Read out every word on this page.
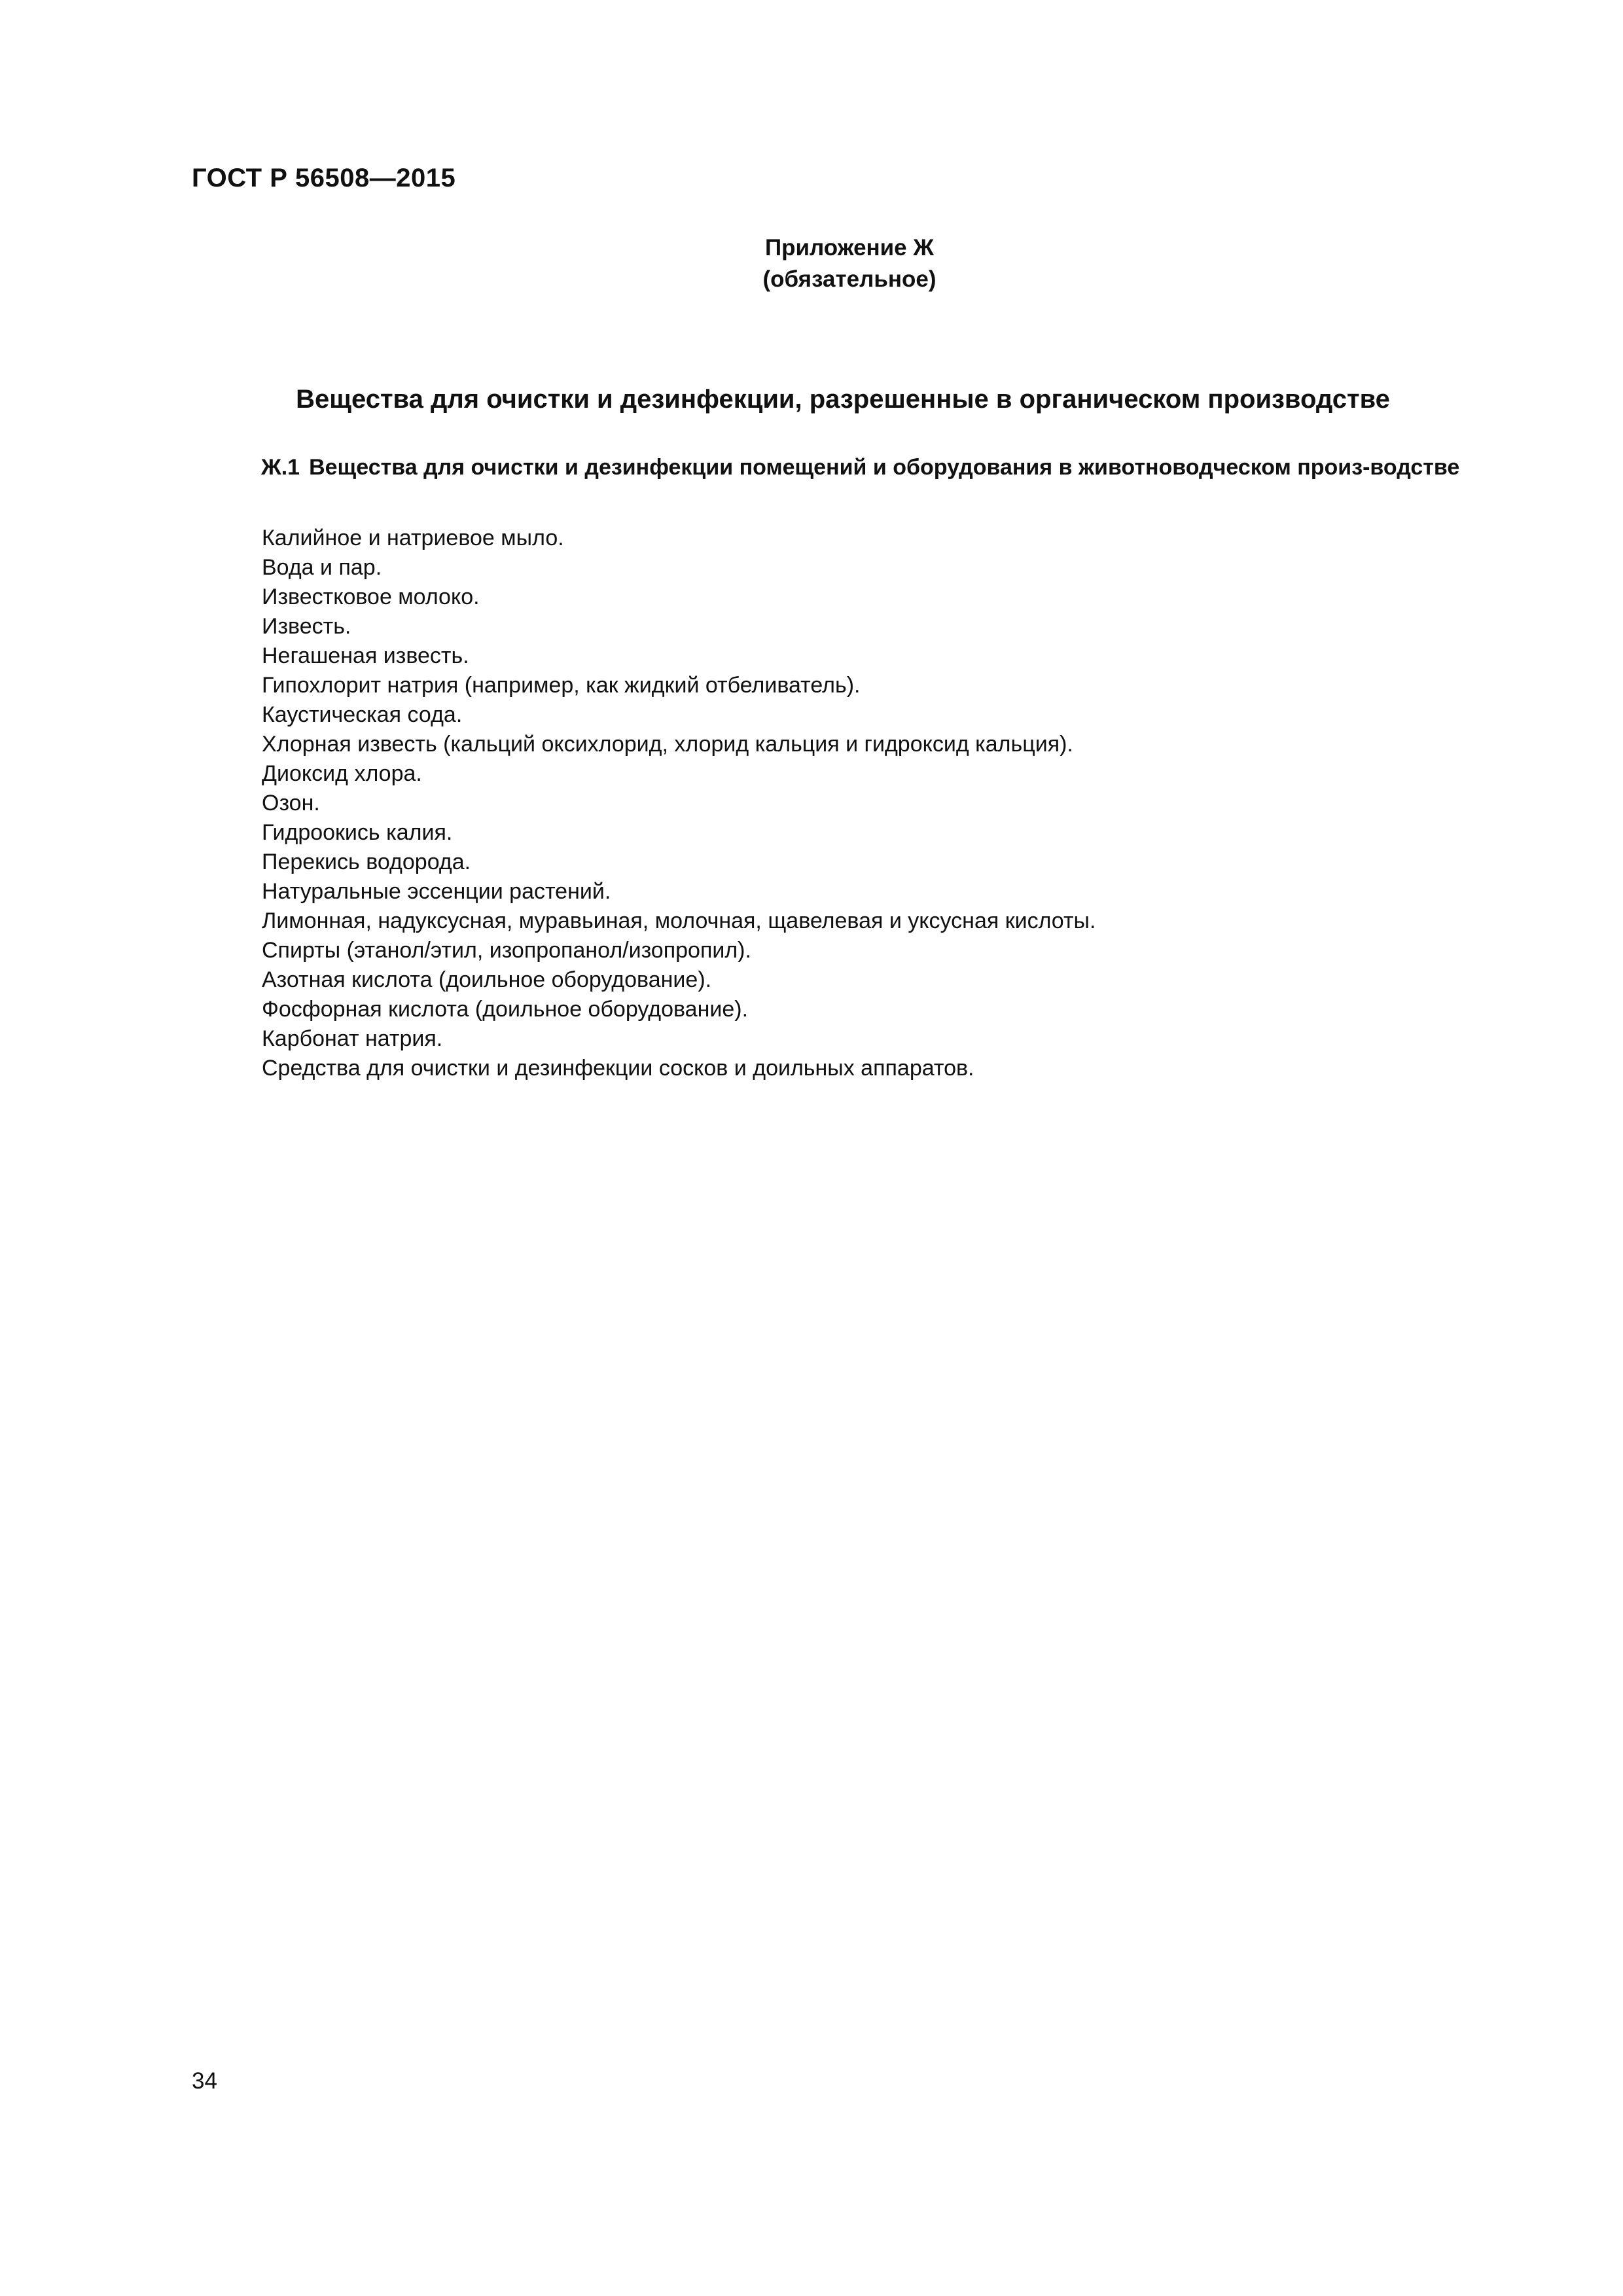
ГОСТ Р 56508—2015
Приложение Ж
(обязательное)
Вещества для очистки и дезинфекции, разрешенные в органическом производстве
Ж.1 Вещества для очистки и дезинфекции помещений и оборудования в животноводческом произ-водстве
Калийное и натриевое мыло.
Вода и пар.
Известковое молоко.
Известь.
Негашеная известь.
Гипохлорит натрия (например, как жидкий отбеливатель).
Каустическая сода.
Хлорная известь (кальций оксихлорид, хлорид кальция и гидроксид кальция).
Диоксид хлора.
Озон.
Гидроокись калия.
Перекись водорода.
Натуральные эссенции растений.
Лимонная, надуксусная, муравьиная, молочная, щавелевая и уксусная кислоты.
Спирты (этанол/этил, изопропанол/изопропил).
Азотная кислота (доильное оборудование).
Фосфорная кислота (доильное оборудование).
Карбонат натрия.
Средства для очистки и дезинфекции сосков и доильных аппаратов.
34
